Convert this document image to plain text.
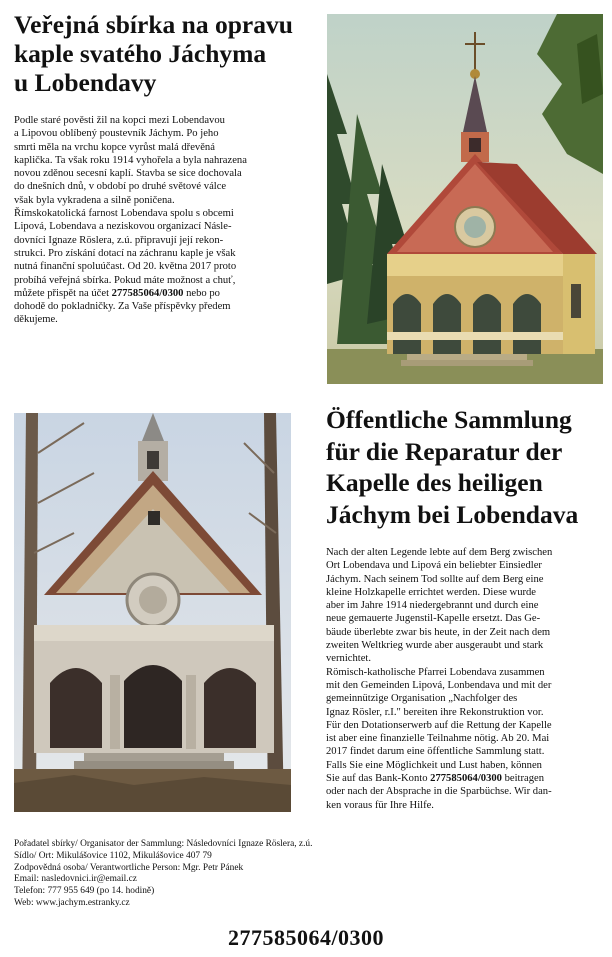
Veřejná sbírka na opravu
kaple svatého Jáchyma
u Lobendavy
Podle staré pověsti žil na kopci mezi Lobendavou
a Lipovou oblíbený poustevník Jáchym. Po jeho
smrti měla na vrchu kopce vyrůst malá dřevěná
kaplička. Ta však roku 1914 vyhořela a byla nahrazena
novou zděnou secesní kaplí. Stavba se sice dochovala
do dnešních dnů, v období po druhé světové válce
však byla vykradena a silně poničena.
Římskokatolická farnost Lobendava spolu s obcemi
Lipová, Lobendava a neziskovou organizací Násle-
dovníci Ignaze Röslera, z.ú. připravují její rekon-
strukci. Pro získání dotací na záchranu kaple je však
nutná finanční spoluúčast. Od 20. května 2017 proto
probíhá veřejná sbírka. Pokud máte možnost a chuť,
můžete přispět na účet 277585064/0300 nebo po
dohodě do pokladničky. Za Vaše příspěvky předem
děkujeme.
Öffentliche Sammlung
für die Reparatur der
Kapelle des heiligen
Jáchym bei Lobendava
Nach der alten Legende lebte auf dem Berg zwischen
Ort Lobendava und Lipová ein beliebter Einsiedler
Jáchym. Nach seinem Tod sollte auf dem Berg eine
kleine Holzkapelle errichtet werden. Diese wurde
aber im Jahre 1914 niedergebrannt und durch eine
neue gemauerte Jugenstil-Kapelle ersetzt. Das Ge-
bäude überlebte zwar bis heute, in der Zeit nach dem
zweiten Weltkrieg wurde aber ausgeraubt und stark
vernichtet.
Römisch-katholische Pfarrei Lobendava zusammen
mit den Gemeinden Lipová, Lonbendava und mit der
gemeinnützige Organisation „Nachfolger des
Ignaz Rösler, r.I." bereiten ihre Rekonstruktion vor.
Für den Dotationserwerb auf die Rettung der Kapelle
ist aber eine finanzielle Teilnahme nötig. Ab 20. Mai
2017 findet darum eine öffentliche Sammlung statt.
Falls Sie eine Möglichkeit und Lust haben, können
Sie auf das Bank-Konto 277585064/0300 beitragen
oder nach der Absprache in die Sparbüchse. Wir dan-
ken voraus für Ihre Hilfe.
Pořadatel sbírky/ Organisator der Sammlung: Následovníci Ignaze Röslera, z.ú.
Sídlo/ Ort: Mikulášovice 1102, Mikulášovice 407 79
Zodpovědná osoba/ Verantwortliche Person: Mgr. Petr Pánek
Email: nasledovnici.ir@email.cz
Telefon: 777 955 649 (po 14. hodině)
Web: www.jachym.estranky.cz
277585064/0300
